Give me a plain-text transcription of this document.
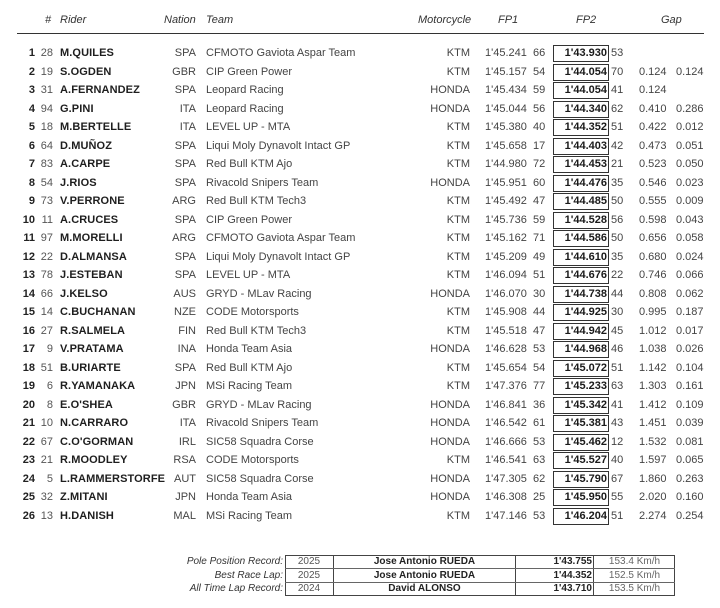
# Rider	Nation Team	Motorcycle FP1	FP2	Gap
1 28 M.QUILES	SPA CFMOTO Gaviota Aspar Team	KTM 1'45.241 66	1'43.930 53
2 19 S.OGDEN	GBR CIP Green Power	KTM 1'45.157 54	1'44.054 70 0.124 0.124
3 31 A.FERNANDEZ	SPA Leopard Racing	HONDA 1'45.434 59	1'44.054 41 0.124
4 94 G.PINI	ITA Leopard Racing	HONDA 1'45.044 56	1'44.340 62 0.410 0.286
5 18 M.BERTELLE	ITA LEVEL UP - MTA	KTM 1'45.380 40	1'44.352 51 0.422 0.012
6 64 D.MUÑOZ	SPA Liqui Moly Dynavolt Intact GP	KTM 1'45.658 17	1'44.403 42 0.473 0.051
7 83 A.CARPE	SPA Red Bull KTM Ajo	KTM 1'44.980 72	1'44.453 21 0.523 0.050
8 54 J.RIOS	SPA Rivacold Snipers Team	HONDA 1'45.951 60	1'44.476 35 0.546 0.023
9 73 V.PERRONE	ARG Red Bull KTM Tech3	KTM 1'45.492 47	1'44.485 50 0.555 0.009
10 11 A.CRUCES	SPA CIP Green Power	KTM 1'45.736 59	1'44.528 56 0.598 0.043
11 97 M.MORELLI	ARG CFMOTO Gaviota Aspar Team	KTM 1'45.162 71	1'44.586 50 0.656 0.058
12 22 D.ALMANSA	SPA Liqui Moly Dynavolt Intact GP	KTM 1'45.209 49	1'44.610 35 0.680 0.024
13 78 J.ESTEBAN	SPA LEVEL UP - MTA	KTM 1'46.094 51	1'44.676 22 0.746 0.066
14 66 J.KELSO	AUS GRYD - MLav Racing	HONDA 1'46.070 30	1'44.738 44 0.808 0.062
15 14 C.BUCHANAN	NZE CODE Motorsports	KTM 1'45.908 44	1'44.925 30 0.995 0.187
16 27 R.SALMELA	FIN Red Bull KTM Tech3	KTM 1'45.518 47	1'44.942 45 1.012 0.017
17 9 V.PRATAMA	INA Honda Team Asia	HONDA 1'46.628 53	1'44.968 46 1.038 0.026
18 51 B.URIARTE	SPA Red Bull KTM Ajo	KTM 1'45.654 54	1'45.072 51 1.142 0.104
19 6 R.YAMANAKA	JPN MSi Racing Team	KTM 1'47.376 77	1'45.233 63 1.303 0.161
20 8 E.O'SHEA	GBR GRYD - MLav Racing	HONDA 1'46.841 36	1'45.342 41 1.412 0.109
21 10 N.CARRARO	ITA Rivacold Snipers Team	HONDA 1'46.542 61	1'45.381 43 1.451 0.039
22 67 C.O'GORMAN	IRL SIC58 Squadra Corse	HONDA 1'46.666 53	1'45.462 12 1.532 0.081
23 21 R.MOODLEY	RSA CODE Motorsports	KTM 1'46.541 63	1'45.527 40 1.597 0.065
24 5 L.RAMMERSTORFE AUT SIC58 Squadra Corse	HONDA 1'47.305 62	1'45.790 67 1.860 0.263
25 32 Z.MITANI	JPN Honda Team Asia	HONDA 1'46.308 25	1'45.950 55 2.020 0.160
26 13 H.DANISH	MAL MSi Racing Team	KTM 1'47.146 53	1'46.204 51 2.274 0.254
Pole Position Record:	2025	Jose Antonio RUEDA	1'43.755	153.4 Km/h
Best Race Lap:	2025	Jose Antonio RUEDA	1'44.352	152.5 Km/h
All Time Lap Record:	2024	David ALONSO	1'43.710	153.5 Km/h
